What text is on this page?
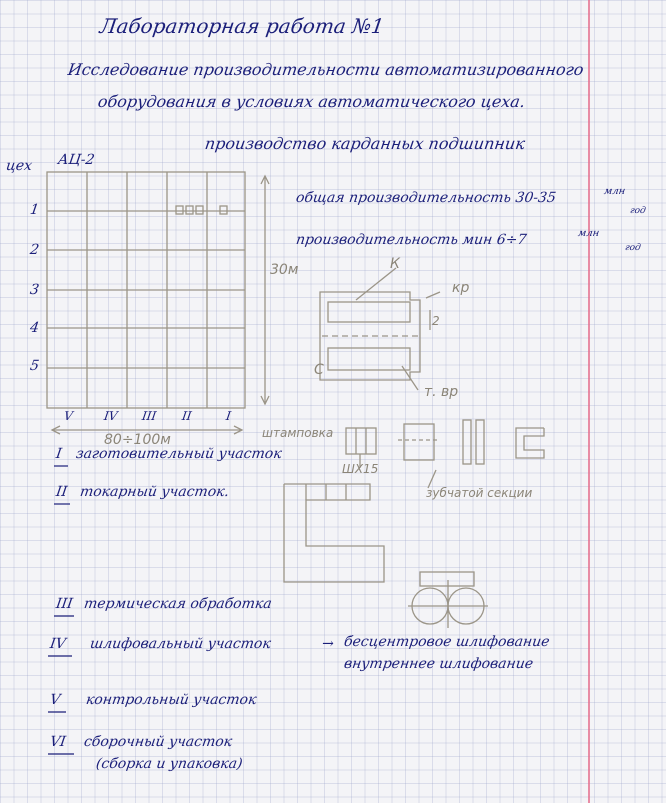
Лабораторная работа №1
Исследование производительности автоматизированного
оборудования в условиях автоматического цеха.
производство карданных подшипник
цех АЦ-2
1
2
3
4
5
V IV III II	I
30м
80÷100м
общая производительность 30-35	млн
год
производительность мин 6÷7	млн
год
К
кр
2
С
т. вр
штамповка
ШХ15
зубчатой секции
I заготовительный участок
II токарный участок.
III термическая обработка
IV шлифовальный участок	→ бесцентровое шлифование
внутреннее шлифование
V контрольный участок
VI сборочный участок
(сборка и упаковка)
